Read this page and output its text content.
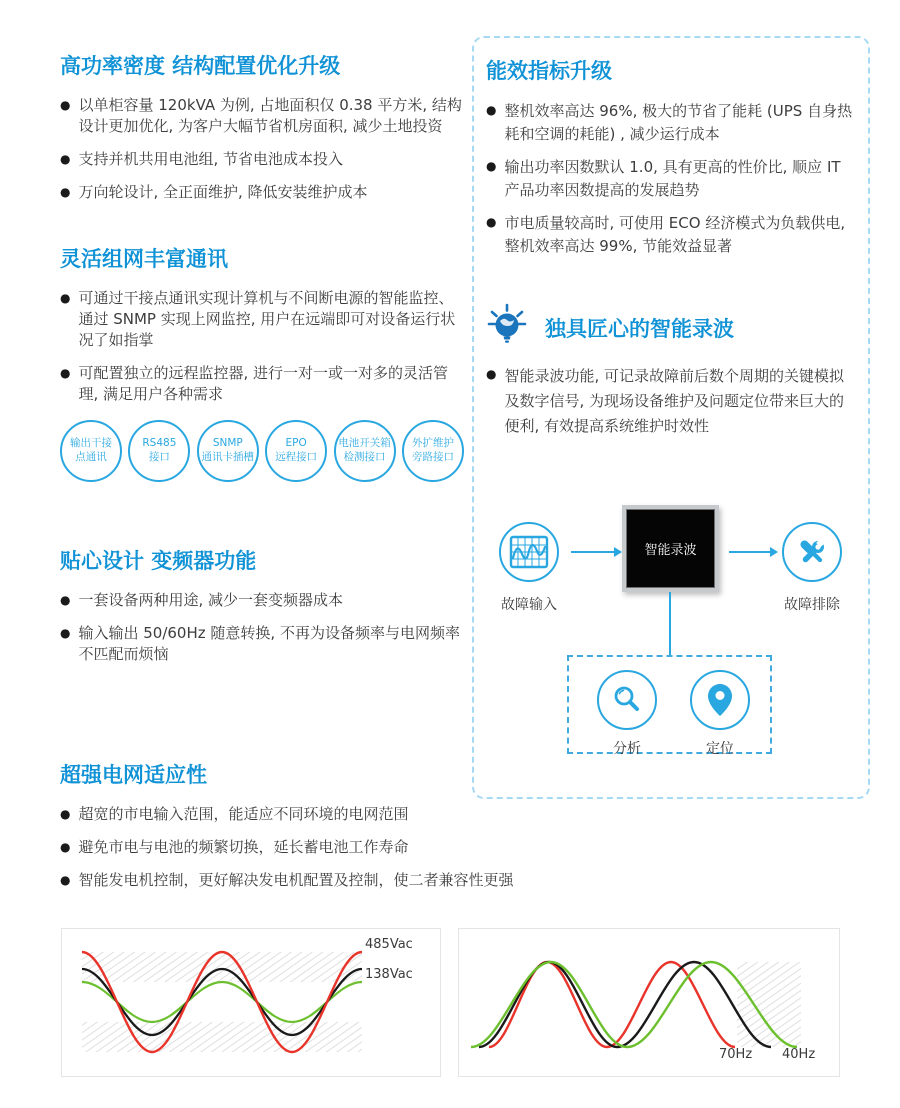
高功率密度 结构配置优化升级
● 以单柜容量 120kVA 为例, 占地面积仅 0.38 平方米, 结构设计更加优化, 为客户大幅节省机房面积, 减少土地投资
● 支持并机共用电池组, 节省电池成本投入
● 万向轮设计, 全正面维护, 降低安装维护成本
灵活组网丰富通讯
● 可通过干接点通讯实现计算机与不间断电源的智能监控、通过 SNMP 实现上网监控, 用户在远端即可对设备运行状况了如指掌
● 可配置独立的远程监控器, 进行一对一或一对多的灵活管理, 满足用户各种需求
输出干接
点通讯
RS485
接口
SNMP
通讯卡插槽
EPO
远程接口
电池开关箱
检测接口
外扩维护
旁路接口
贴心设计 变频器功能
● 一套设备两种用途, 减少一套变频器成本
● 输入输出 50/60Hz 随意转换, 不再为设备频率与电网频率不匹配而烦恼
超强电网适应性
● 超宽的市电输入范围，能适应不同环境的电网范围
● 避免市电与电池的频繁切换，延长蓄电池工作寿命
● 智能发电机控制，更好解决发电机配置及控制，使二者兼容性更强
能效指标升级
● 整机效率高达 96%, 极大的节省了能耗 (UPS 自身热耗和空调的耗能) , 减少运行成本
● 输出功率因数默认 1.0, 具有更高的性价比, 顺应 IT 产品功率因数提高的发展趋势
● 市电质量较高时, 可使用 ECO 经济模式为负载供电, 整机效率高达 99%, 节能效益显著
独具匠心的智能录波
● 智能录波功能, 可记录故障前后数个周期的关键模拟及数字信号, 为现场设备维护及问题定位带来巨大的便利, 有效提高系统维护时效性
智能录波
故障输入	故障排除
分析	定位
485Vac
138Vac
70Hz 40Hz
